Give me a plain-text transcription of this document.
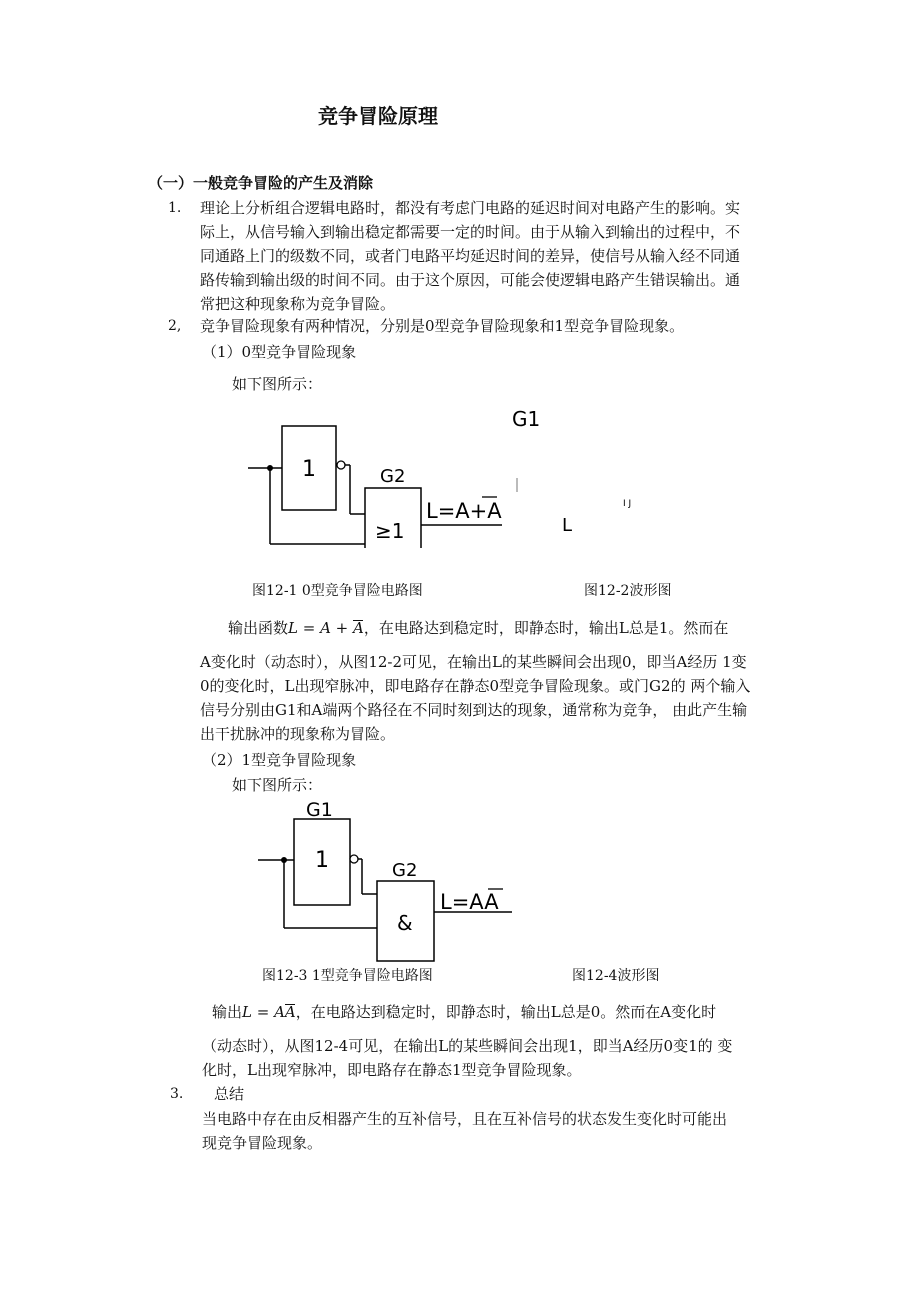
竞争冒险原理
（一）一般竞争冒险的产生及消除
1. 理论上分析组合逻辑电路时，都没有考虑门电路的延迟时间对电路产生的影响。实
际上，从信号输入到输出稳定都需要一定的时间。由于从输入到输出的过程中，不
同通路上门的级数不同，或者门电路平均延迟时间的差异，使信号从输入经不同通
路传输到输出级的时间不同。由于这个原因，可能会使逻辑电路产生错误输出。通
常把这种现象称为竞争冒险。
2, 竞争冒险现象有两种情况，分别是0型竞争冒险现象和1型竞争冒险现象。
（1）0型竞争冒险现象
如下图所示：
G1
1	G2
≥1
L=A+A
L
I J
图12-1 0型竞争冒险电路图	图12-2波形图
输出函数L = A + A
，在电路达到稳定时，即静态时，输出L总是1。然而在
A变化时（动态时），从图12-2可见，在输出L的某些瞬间会出现0，即当A经历 1变
0的变化时，L出现窄脉冲，即电路存在静态0型竞争冒险现象。或门G2的 两个输入
信号分别由G1和A端两个路径在不同时刻到达的现象，通常称为竞争， 由此产生输
出干扰脉冲的现象称为冒险。
（2）1型竞争冒险现象
如下图所示：
G1
1	G2
&
L=AA
图12-3 1型竞争冒险电路图	图12-4波形图
输出L = AA
，在电路达到稳定时，即静态时，输出L总是0。然而在A变化时
（动态时），从图12-4可见，在输出L的某些瞬间会出现1，即当A经历0变1的 变
化时，L出现窄脉冲，即电路存在静态1型竞争冒险现象。
3. 总结
当电路中存在由反相器产生的互补信号，且在互补信号的状态发生变化时可能出
现竞争冒险现象。
